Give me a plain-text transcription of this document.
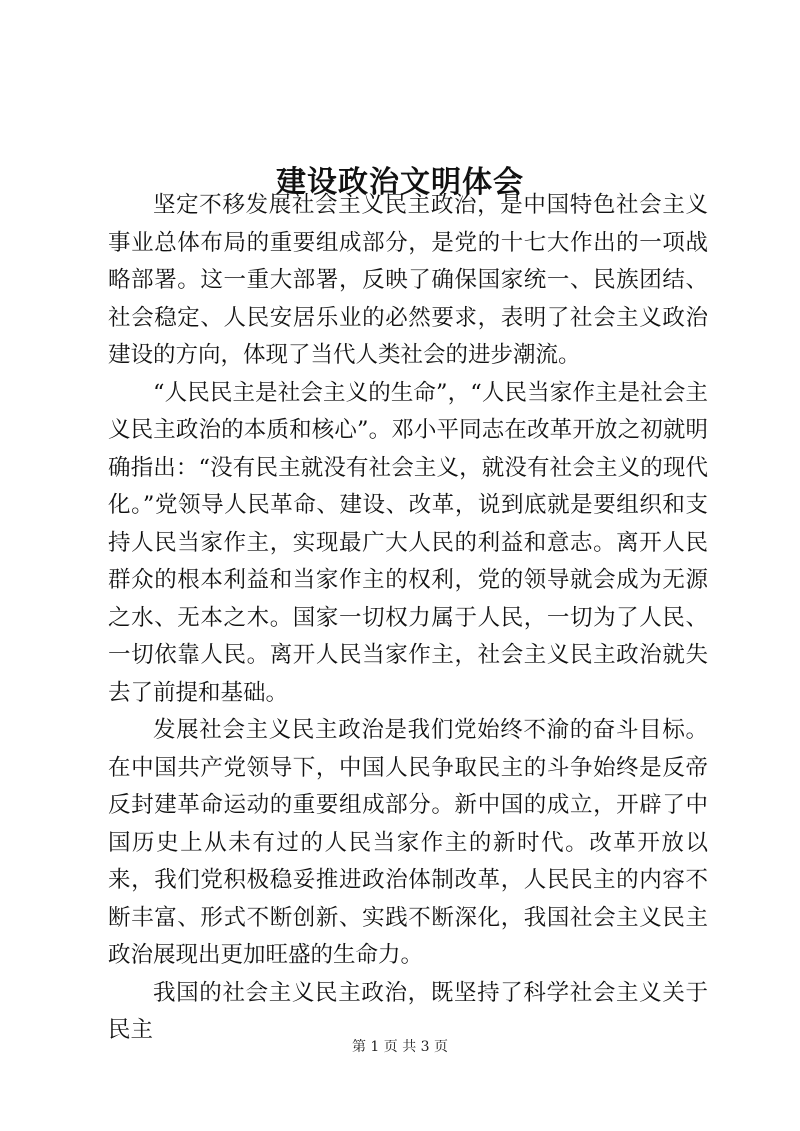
建设政治文明体会

坚定不移发展社会主义民主政治，是中国特色社会主义事业总体布局的重要组成部分，是党的十七大作出的一项战略部署。这一重大部署，反映了确保国家统一、民族团结、社会稳定、人民安居乐业的必然要求，表明了社会主义政治建设的方向，体现了当代人类社会的进步潮流。

“人民民主是社会主义的生命”，“人民当家作主是社会主义民主政治的本质和核心”。邓小平同志在改革开放之初就明确指出：“没有民主就没有社会主义，就没有社会主义的现代化。”党领导人民革命、建设、改革，说到底就是要组织和支持人民当家作主，实现最广大人民的利益和意志。离开人民群众的根本利益和当家作主的权利，党的领导就会成为无源之水、无本之木。国家一切权力属于人民，一切为了人民、一切依靠人民。离开人民当家作主，社会主义民主政治就失去了前提和基础。

发展社会主义民主政治是我们党始终不渝的奋斗目标。在中国共产党领导下，中国人民争取民主的斗争始终是反帝反封建革命运动的重要组成部分。新中国的成立，开辟了中国历史上从未有过的人民当家作主的新时代。改革开放以来，我们党积极稳妥推进政治体制改革，人民民主的内容不断丰富、形式不断创新、实践不断深化，我国社会主义民主政治展现出更加旺盛的生命力。

我国的社会主义民主政治，既坚持了科学社会主义关于民主

第 1 页 共 3 页
